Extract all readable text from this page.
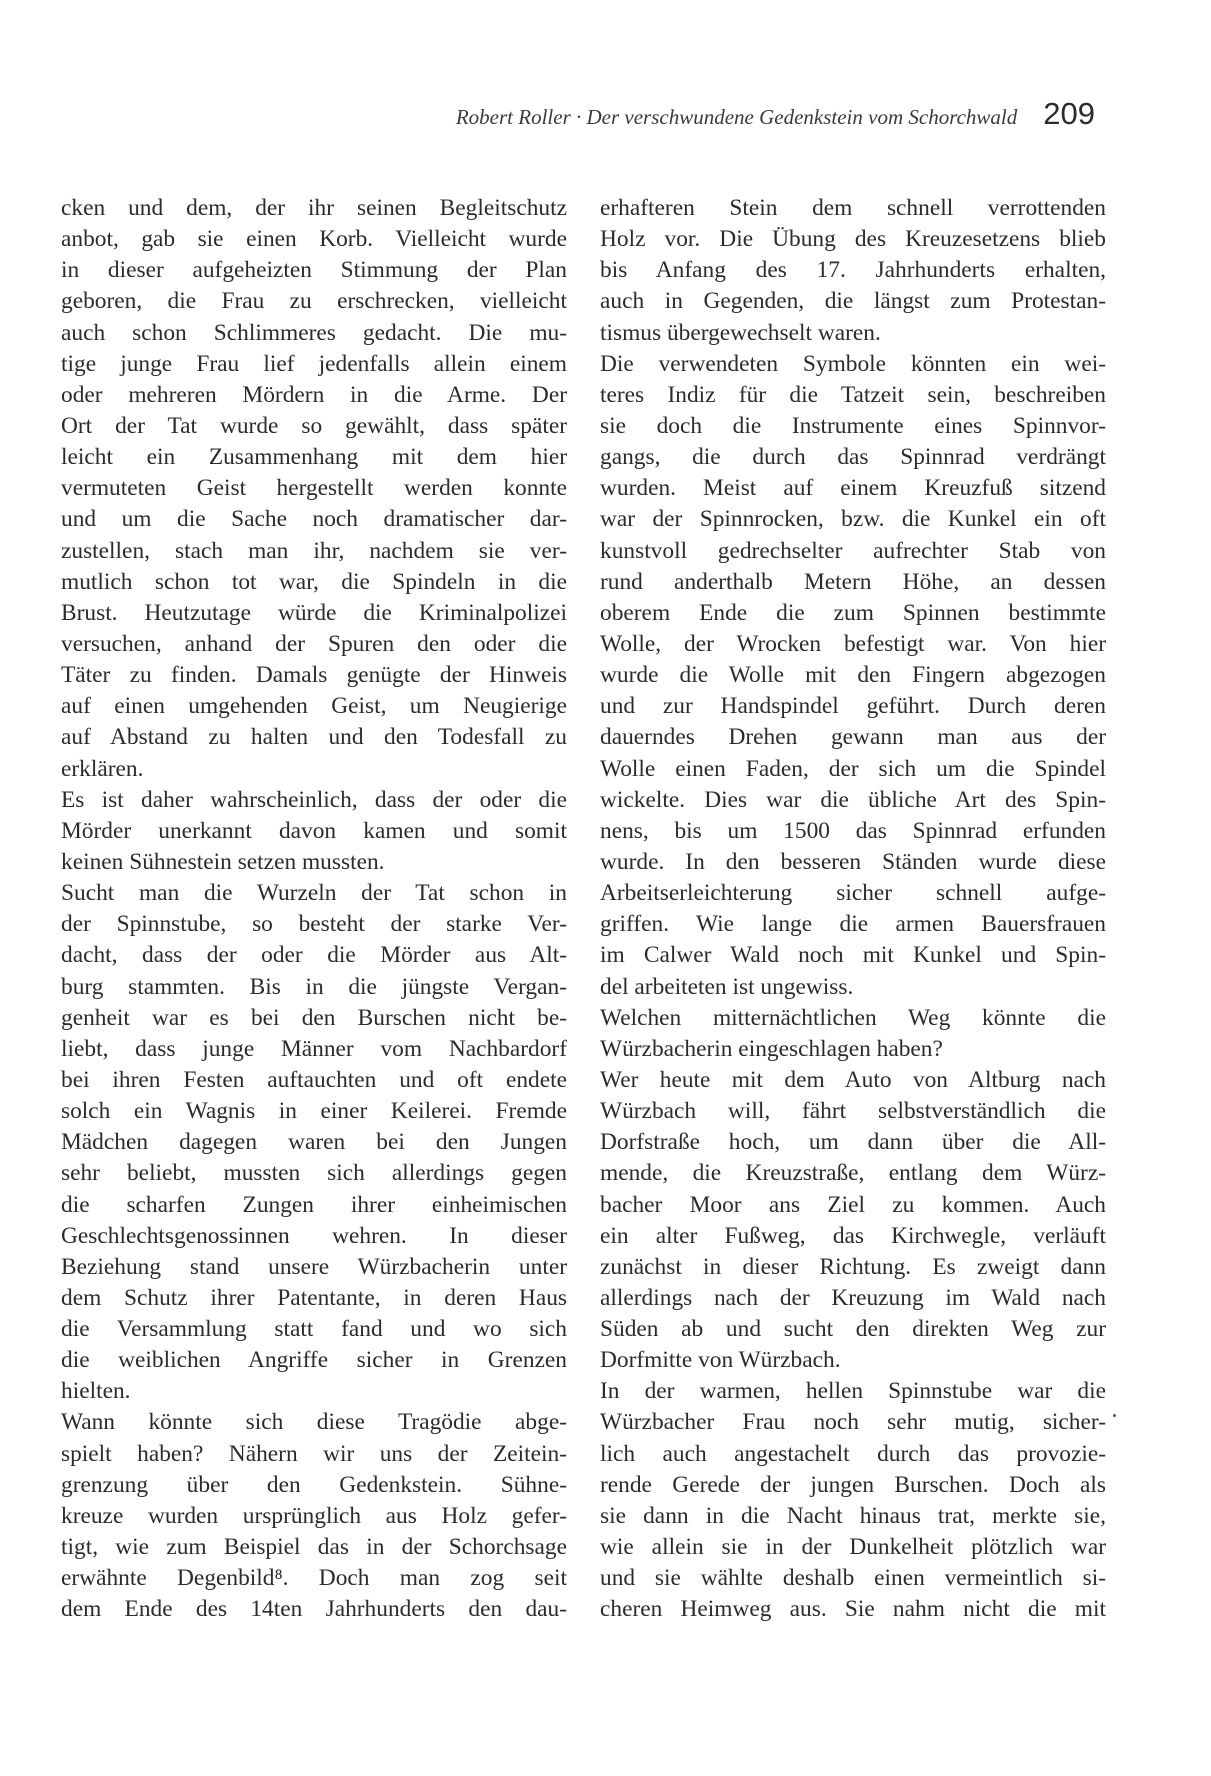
Robert Roller · Der verschwundene Gedenkstein vom Schorchwald 209
cken und dem, der ihr seinen Begleitschutz
anbot, gab sie einen Korb. Vielleicht wurde
in dieser aufgeheizten Stimmung der Plan
geboren, die Frau zu erschrecken, vielleicht
auch schon Schlimmeres gedacht. Die mu-
tige junge Frau lief jedenfalls allein einem
oder mehreren Mördern in die Arme. Der
Ort der Tat wurde so gewählt, dass später
leicht ein Zusammenhang mit dem hier
vermuteten Geist hergestellt werden konnte
und um die Sache noch dramatischer dar-
zustellen, stach man ihr, nachdem sie ver-
mutlich schon tot war, die Spindeln in die
Brust. Heutzutage würde die Kriminalpolizei
versuchen, anhand der Spuren den oder die
Täter zu finden. Damals genügte der Hinweis
auf einen umgehenden Geist, um Neugierige
auf Abstand zu halten und den Todesfall zu
erklären.
Es ist daher wahrscheinlich, dass der oder die
Mörder unerkannt davon kamen und somit
keinen Sühnestein setzen mussten.
Sucht man die Wurzeln der Tat schon in
der Spinnstube, so besteht der starke Ver-
dacht, dass der oder die Mörder aus Alt-
burg stammten. Bis in die jüngste Vergan-
genheit war es bei den Burschen nicht be-
liebt, dass junge Männer vom Nachbardorf
bei ihren Festen auftauchten und oft endete
solch ein Wagnis in einer Keilerei. Fremde
Mädchen dagegen waren bei den Jungen
sehr beliebt, mussten sich allerdings gegen
die scharfen Zungen ihrer einheimischen
Geschlechtsgenossinnen wehren. In dieser
Beziehung stand unsere Würzbacherin unter
dem Schutz ihrer Patentante, in deren Haus
die Versammlung statt fand und wo sich
die weiblichen Angriffe sicher in Grenzen
hielten.
Wann könnte sich diese Tragödie abge-
spielt haben? Nähern wir uns der Zeitein-
grenzung über den Gedenkstein. Sühne-
kreuze wurden ursprünglich aus Holz gefer-
tigt, wie zum Beispiel das in der Schorchsage
erwähnte Degenbild⁸. Doch man zog seit
dem Ende des 14ten Jahrhunderts den dau-
erhafteren Stein dem schnell verrottenden
Holz vor. Die Übung des Kreuzesetzens blieb
bis Anfang des 17. Jahrhunderts erhalten,
auch in Gegenden, die längst zum Protestan-
tismus übergewechselt waren.
Die verwendeten Symbole könnten ein wei-
teres Indiz für die Tatzeit sein, beschreiben
sie doch die Instrumente eines Spinnvor-
gangs, die durch das Spinnrad verdrängt
wurden. Meist auf einem Kreuzfuß sitzend
war der Spinnrocken, bzw. die Kunkel ein oft
kunstvoll gedrechselter aufrechter Stab von
rund anderthalb Metern Höhe, an dessen
oberem Ende die zum Spinnen bestimmte
Wolle, der Wrocken befestigt war. Von hier
wurde die Wolle mit den Fingern abgezogen
und zur Handspindel geführt. Durch deren
dauerndes Drehen gewann man aus der
Wolle einen Faden, der sich um die Spindel
wickelte. Dies war die übliche Art des Spin-
nens, bis um 1500 das Spinnrad erfunden
wurde. In den besseren Ständen wurde diese
Arbeitserleichterung sicher schnell aufge-
griffen. Wie lange die armen Bauersfrauen
im Calwer Wald noch mit Kunkel und Spin-
del arbeiteten ist ungewiss.
Welchen mitternächtlichen Weg könnte die
Würzbacherin eingeschlagen haben?
Wer heute mit dem Auto von Altburg nach
Würzbach will, fährt selbstverständlich die
Dorfstraße hoch, um dann über die All-
mende, die Kreuzstraße, entlang dem Würz-
bacher Moor ans Ziel zu kommen. Auch
ein alter Fußweg, das Kirchwegle, verläuft
zunächst in dieser Richtung. Es zweigt dann
allerdings nach der Kreuzung im Wald nach
Süden ab und sucht den direkten Weg zur
Dorfmitte von Würzbach.
In der warmen, hellen Spinnstube war die
Würzbacher Frau noch sehr mutig, sicher-
lich auch angestachelt durch das provozie-
rende Gerede der jungen Burschen. Doch als
sie dann in die Nacht hinaus trat, merkte sie,
wie allein sie in der Dunkelheit plötzlich war
und sie wählte deshalb einen vermeintlich si-
cheren Heimweg aus. Sie nahm nicht die mit
